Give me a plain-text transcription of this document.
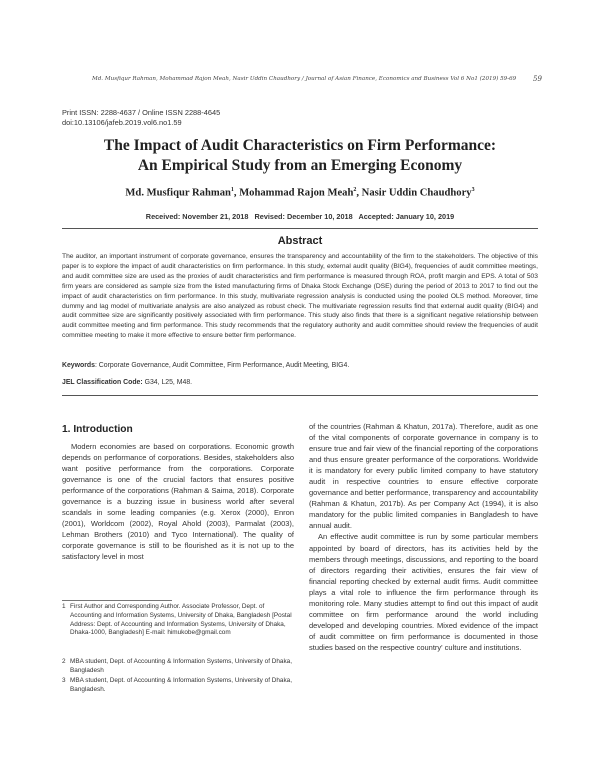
Md. Musfiqur Rahman, Mohammad Rajon Meah, Nasir Uddin Chaudhory / Journal of Asian Finance, Economics and Business Vol 6 No1 (2019) 59-69	59
Print ISSN: 2288-4637 / Online ISSN 2288-4645
doi:10.13106/jafeb.2019.vol6.no1.59
The Impact of Audit Characteristics on Firm Performance:
An Empirical Study from an Emerging Economy
Md. Musfiqur Rahman$^1$, Mohammad Rajon Meah$^2$, Nasir Uddin Chaudhory$^3$
Received: November 21, 2018   Revised: December 10, 2018   Accepted: January 10, 2019
Abstract
The auditor, an important instrument of corporate governance, ensures the transparency and accountability of the firm to the stakeholders. The objective of this paper is to explore the impact of audit characteristics on firm performance. In this study, external audit quality (BIG4), frequencies of audit committee meetings, and audit committee size are used as the proxies of audit characteristics and firm performance is measured through ROA, profit margin and EPS. A total of 503 firm years are considered as sample size from the listed manufacturing firms of Dhaka Stock Exchange (DSE) during the period of 2013 to 2017 to find out the impact of audit characteristics on firm performance. In this study, multivariate regression analysis is conducted using the pooled OLS method. Moreover, time dummy and lag model of multivariate analysis are also analyzed as robust check. The multivariate regression results find that external audit quality (BIG4) and audit committee size are significantly positively associated with firm performance. This study also finds that there is a significant negative relationship between audit committee meeting and firm performance. This study recommends that the regulatory authority and audit committee should review the frequencies of audit committee meeting to make it more effective to ensure better firm performance.
Keywords: Corporate Governance, Audit Committee, Firm Performance, Audit Meeting, BIG4.
JEL Classification Code: G34, L25, M48.
1. Introduction

Modern economies are based on corporations. Economic growth depends on performance of corporations. Besides, stakeholders also want positive performance from the corporations. Corporate governance is one of the crucial factors that ensures positive performance of the corporations (Rahman & Saima, 2018). Corporate governance is a buzzing issue in business world after several scandals in some leading companies (e.g. Xerox (2000), Enron (2001), Worldcom (2002), Royal Ahold (2003), Parmalat (2003), Lehman Brothers (2010) and Tyco International). The quality of corporate governance is still to be flourished as it is not up to the satisfactory level in most

of the countries (Rahman & Khatun, 2017a). Therefore, audit as one of the vital components of corporate governance in company is to ensure true and fair view of the financial reporting of the corporations and thus ensure greater performance of the corporations. Worldwide it is mandatory for every public limited company to have statutory audit in respective countries to ensure effective corporate governance and better performance, transparency and accountability (Rahman & Khatun, 2017b). As per Company Act (1994), it is also mandatory for the public limited companies in Bangladesh to have annual audit.

An effective audit committee is run by some particular members appointed by board of directors, has its activities held by the members through meetings, discussions, and reporting to the board of directors regarding their activities, ensures the fair view of financial reporting checked by external audit firms. Audit committee plays a vital role to influence the firm performance through its monitoring role. Many studies attempt to find out this impact of audit committee on firm performance around the world including developed and developing countries. Mixed evidence of the impact of audit committee on firm performance is documented in those studies based on the respective country' culture and institutions.

1 First Author and Corresponding Author. Associate Professor, Dept. of Accounting and Information Systems, University of Dhaka, Bangladesh [Postal Address: Dept. of Accounting and Information Systems, University of Dhaka, Dhaka-1000, Bangladesh] E-mail: himukobe@gmail.com
2 MBA student, Dept. of Accounting & Information Systems, University of Dhaka, Bangladesh
3 MBA student, Dept. of Accounting & Information Systems, University of Dhaka, Bangladesh.
